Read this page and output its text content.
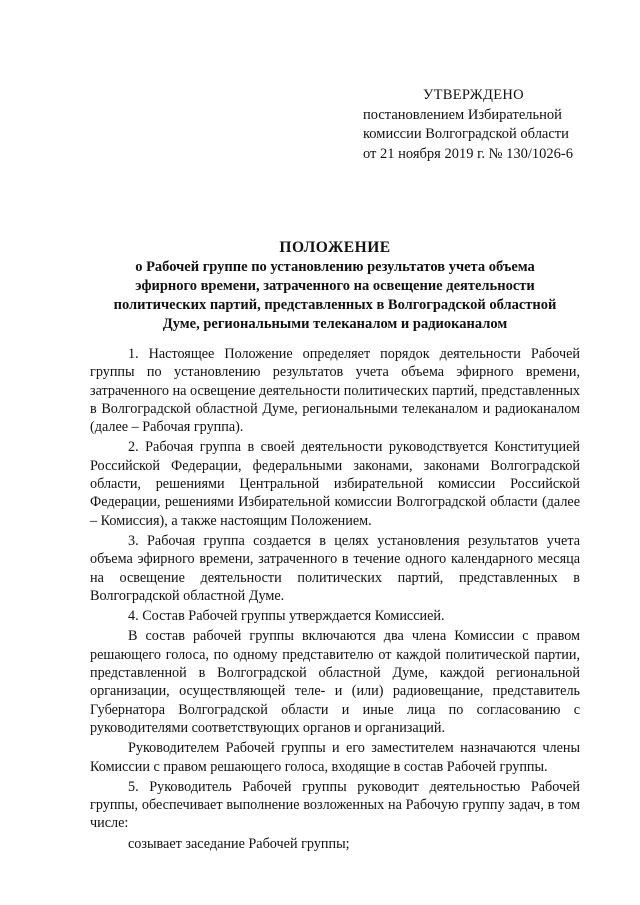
УТВЕРЖДЕНО
постановлением Избирательной
комиссии Волгоградской области
от 21 ноября 2019 г. № 130/1026-6
ПОЛОЖЕНИЕ
о Рабочей группе по установлению результатов учета объема
эфирного времени, затраченного на освещение деятельности
политических партий, представленных в Волгоградской областной
Думе, региональными телеканалом и радиоканалом

1. Настоящее Положение определяет порядок деятельности Рабочей группы по установлению результатов учета объема эфирного времени, затраченного на освещение деятельности политических партий, представленных в Волгоградской областной Думе, региональными телеканалом и радиоканалом (далее – Рабочая группа).

2. Рабочая группа в своей деятельности руководствуется Конституцией Российской Федерации, федеральными законами, законами Волгоградской области, решениями Центральной избирательной комиссии Российской Федерации, решениями Избирательной комиссии Волгоградской области (далее – Комиссия), а также настоящим Положением.

3. Рабочая группа создается в целях установления результатов учета объема эфирного времени, затраченного в течение одного календарного месяца на освещение деятельности политических партий, представленных в Волгоградской областной Думе.

4. Состав Рабочей группы утверждается Комиссией.

В состав рабочей группы включаются два члена Комиссии с правом решающего голоса, по одному представителю от каждой политической партии, представленной в Волгоградской областной Думе, каждой региональной организации, осуществляющей теле- и (или) радиовещание, представитель Губернатора Волгоградской области и иные лица по согласованию с руководителями соответствующих органов и организаций.

Руководителем Рабочей группы и его заместителем назначаются члены Комиссии с правом решающего голоса, входящие в состав Рабочей группы.

5. Руководитель Рабочей группы руководит деятельностью Рабочей группы, обеспечивает выполнение возложенных на Рабочую группу задач, в том числе:

созывает заседание Рабочей группы;
